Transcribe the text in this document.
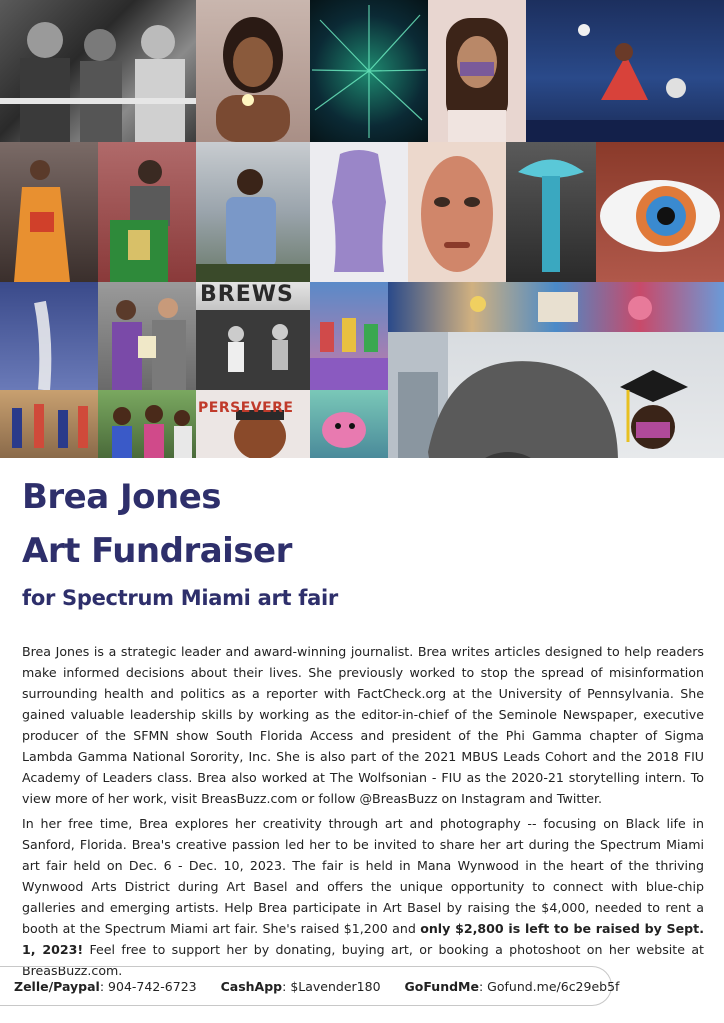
BREWS
PERSEVERE
Brea Jones
Art Fundraiser
for Spectrum Miami art fair

Brea Jones is a strategic leader and award-winning journalist. Brea writes articles designed to help readers make informed decisions about their lives. She previously worked to stop the spread of misinformation surrounding health and politics as a reporter with FactCheck.org at the University of Pennsylvania. She gained valuable leadership skills by working as the editor-in-chief of the Seminole Newspaper, executive producer of the SFMN show South Florida Access and president of the Phi Gamma chapter of Sigma Lambda Gamma National Sorority, Inc. She is also part of the 2021 MBUS Leads Cohort and the 2018 FIU Academy of Leaders class. Brea also worked at The Wolfsonian - FIU as the 2020-21 storytelling intern. To view more of her work, visit BreasBuzz.com or follow @BreasBuzz on Instagram and Twitter.

In her free time, Brea explores her creativity through art and photography -- focusing on Black life in Sanford, Florida. Brea's creative passion led her to be invited to share her art during the Spectrum Miami art fair held on Dec. 6 - Dec. 10, 2023. The fair is held in Mana Wynwood in the heart of the thriving Wynwood Arts District during Art Basel and offers the unique opportunity to connect with blue-chip galleries and emerging artists. Help Brea participate in Art Basel by raising the $4,000, needed to rent a booth at the Spectrum Miami art fair. She's raised $1,200 and only $2,800 is left to be raised by Sept. 1, 2023! Feel free to support her by donating, buying art, or booking a photoshoot on her website at BreasBuzz.com.

Zelle/Paypal: 904-742-6723 CashApp: $Lavender180 GoFundMe: Gofund.me/6c29eb5f
